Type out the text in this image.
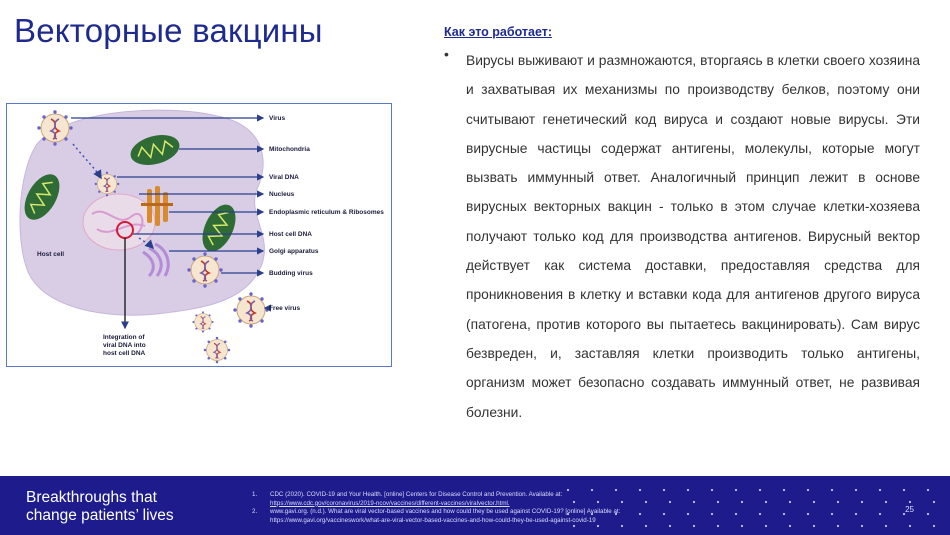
Векторные вакцины
Virus
Mitochondria
Viral DNA
Nucleus
Endoplasmic reticulum & Ribosomes
Host cell DNA
Golgi apparatus
Budding virus
Free virus
Host cell
Integration of
viral DNA into
host cell DNA
Как это работает:
• Вирусы выживают и размножаются, вторгаясь в клетки своего хозяина и захватывая их механизмы по производству белков, поэтому они считывают генетический код вируса и создают новые вирусы. Эти вирусные частицы содержат антигены, молекулы, которые могут вызвать иммунный ответ. Аналогичный принцип лежит в основе вирусных векторных вакцин - только в этом случае клетки-хозяева получают только код для производства антигенов. Вирусный вектор действует как система доставки, предоставляя средства для проникновения в клетку и вставки кода для антигенов другого вируса (патогена, против которого вы пытаетесь вакцинировать). Сам вирус безвреден, и, заставляя клетки производить только антигены, организм может безопасно создавать иммунный ответ, не развивая болезни.
Breakthroughs that
change patients’ lives
1.	CDC (2020). COVID-19 and Your Health. [online] Centers for Disease Control and Prevention. Available at:
https://www.cdc.gov/coronavirus/2019-ncov/vaccines/different-vaccines/viralvector.html.
2.	www.gavi.org. (n.d.). What are viral vector-based vaccines and how could they be used against COVID-19? [online] Available at:
https://www.gavi.org/vaccineswork/what-are-viral-vector-based-vaccines-and-how-could-they-be-used-against-covid-19
25
